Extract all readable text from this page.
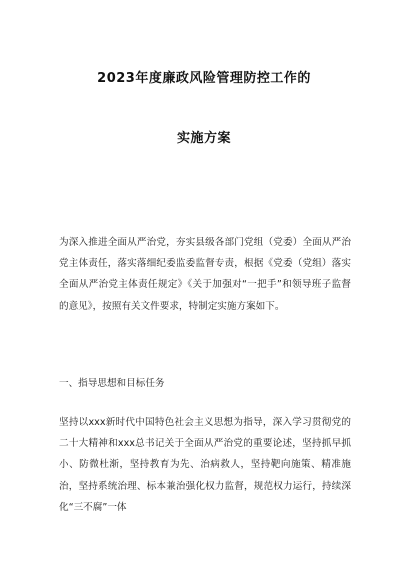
2023年度廉政风险管理防控工作的
实施方案
为深入推进全面从严治党，夯实县级各部门党组（党委）全面从严治党主体责任，落实落细纪委监委监督专责，根据《党委（党组）落实全面从严治党主体责任规定》《关于加强对“一把手”和领导班子监督的意见》，按照有关文件要求，特制定实施方案如下。
一、指导思想和目标任务
坚持以xxx新时代中国特色社会主义思想为指导，深入学习贯彻党的二十大精神和xxx总书记关于全面从严治党的重要论述，坚持抓早抓小、防微杜渐，坚持教育为先、治病救人，坚持靶向施策、精准施治，坚持系统治理、标本兼治强化权力监督，规范权力运行，持续深化“三不腐”一体
